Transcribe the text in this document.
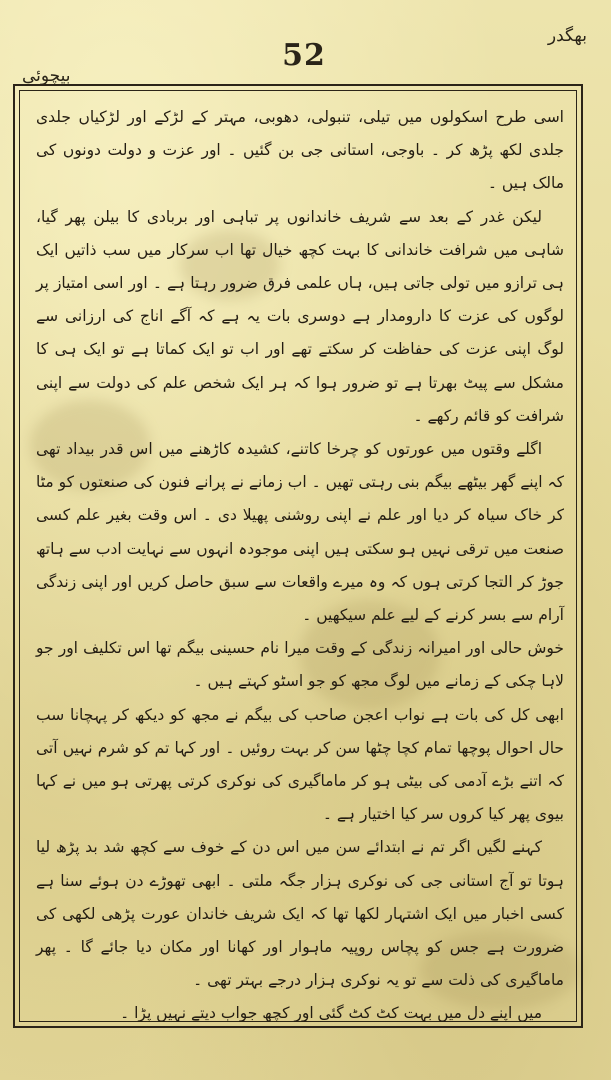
بھگدر
52
بیچوئی

اسی طرح اسکولوں میں تیلی، تنبولی، دھوبی، مہتر کے لڑکے اور لڑکیاں جلدی جلدی لکھ پڑھ کر ۔ باوجی، استانی جی بن گئیں ۔ اور عزت و دولت دونوں کی مالک ہیں ۔

لیکن غدر کے بعد سے شریف خاندانوں پر تباہی اور بربادی کا بیلن پھر گیا، شاہی میں شرافت خاندانی کا بہت کچھ خیال تھا اب سرکار میں سب ذاتیں ایک ہی ترازو میں تولی جاتی ہیں، ہاں علمی فرق ضرور رہتا ہے ۔ اور اسی امتیاز پر لوگوں کی عزت کا دارومدار ہے دوسری بات یہ ہے کہ آگے اناج کی ارزانی سے لوگ اپنی عزت کی حفاظت کر سکتے تھے اور اب تو ایک کماتا ہے تو ایک ہی کا مشکل سے پیٹ بھرتا ہے تو ضرور ہوا کہ ہر ایک شخص علم کی دولت سے اپنی شرافت کو قائم رکھے ۔

اگلے وقتوں میں عورتوں کو چرخا کاتنے، کشیدہ کاڑھنے میں اس قدر بیداد تھی کہ اپنے گھر بیٹھے بیگم بنی رہتی تھیں ۔ اب زمانے نے پرانے فنون کی صنعتوں کو مٹا کر خاک سیاہ کر دیا اور علم نے اپنی روشنی پھیلا دی ۔ اس وقت بغیر علم کسی صنعت میں ترقی نہیں ہو سکتی ہیں اپنی موجودہ انہوں سے نہایت ادب سے ہاتھ جوڑ کر التجا کرتی ہوں کہ وہ میرے واقعات سے سبق حاصل کریں اور اپنی زندگی آرام سے بسر کرنے کے لیے علم سیکھیں ۔

خوش حالی اور امیرانہ زندگی کے وقت میرا نام حسینی بیگم تھا اس تکلیف اور جو لاہا چکی کے زمانے میں لوگ مجھ کو جو اسٹو کہتے ہیں ۔

ابھی کل کی بات ہے نواب اعجن صاحب کی بیگم نے مجھ کو دیکھ کر پہچانا سب حال احوال پوچھا تمام کچا چٹھا سن کر بہت روئیں ۔ اور کہا تم کو شرم نہیں آتی کہ اتنے بڑے آدمی کی بیٹی ہو کر ماماگیری کی نوکری کرتی پھرتی ہو میں نے کہا بیوی پھر کیا کروں سر کیا اختیار ہے ۔

کہنے لگیں اگر تم نے ابتدائے سن میں اس دن کے خوف سے کچھ شد بد پڑھ لیا ہوتا تو آج استانی جی کی نوکری ہزار جگہ ملتی ۔ ابھی تھوڑے دن ہوئے سنا ہے کسی اخبار میں ایک اشتہار لکھا تھا کہ ایک شریف خاندان عورت پڑھی لکھی کی ضرورت ہے جس کو پچاس روپیہ ماہوار اور کھانا اور مکان دیا جائے گا ۔ پھر ماماگیری کی ذلت سے تو یہ نوکری ہزار درجے بہتر تھی ۔

میں اپنے دل میں بہت کٹ کٹ گئی اور کچھ جواب دیتے نہیں پڑا ۔
